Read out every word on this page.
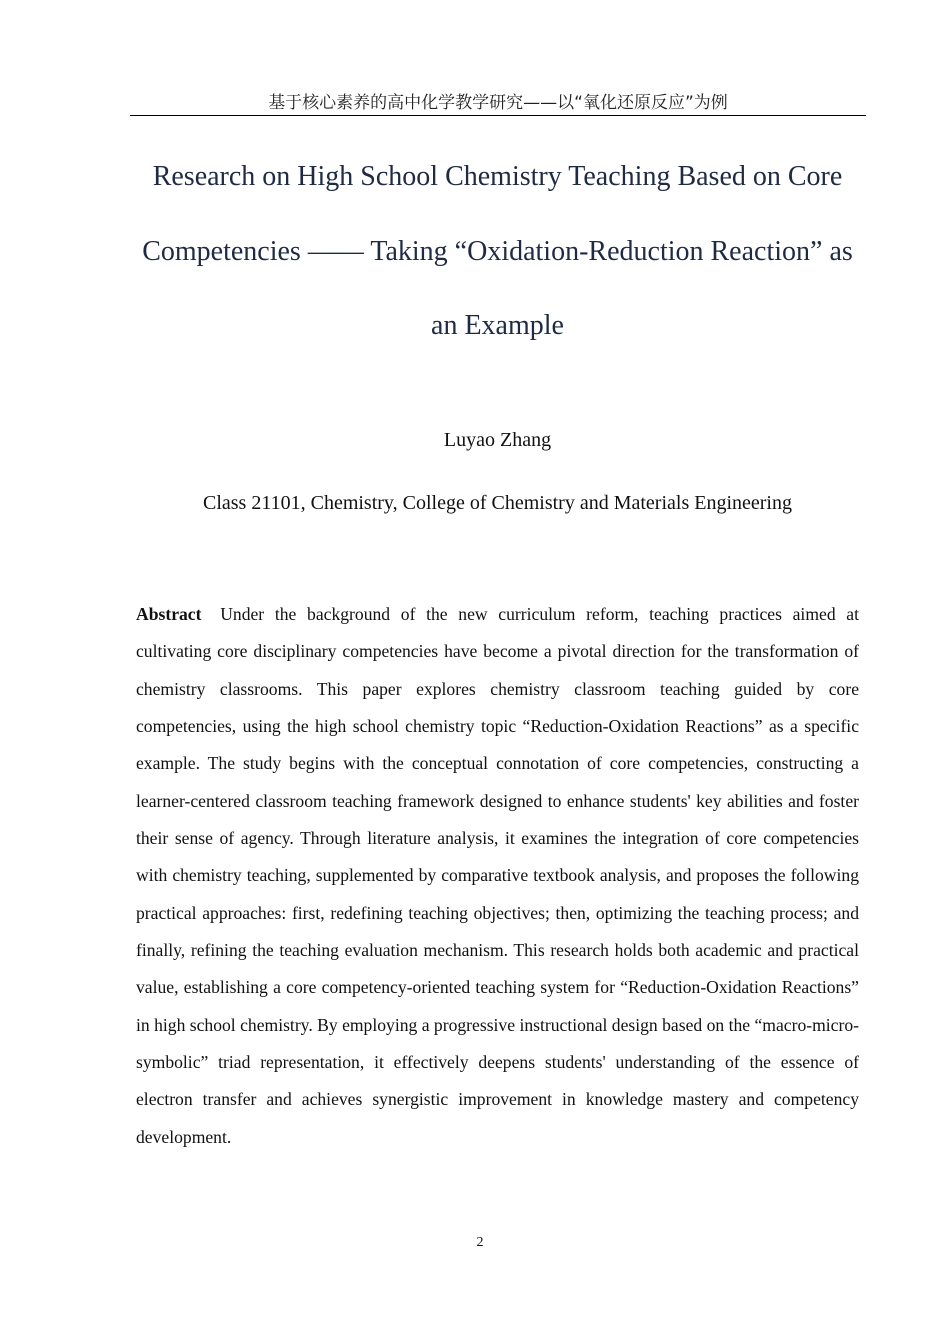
基于核心素养的高中化学教学研究——以“氧化还原反应”为例
Research on High School Chemistry Teaching Based on Core Competencies —— Taking “Oxidation-Reduction Reaction” as an Example
Luyao Zhang
Class 21101, Chemistry, College of Chemistry and Materials Engineering

Abstract Under the background of the new curriculum reform, teaching practices aimed at cultivating core disciplinary competencies have become a pivotal direction for the transformation of chemistry classrooms. This paper explores chemistry classroom teaching guided by core competencies, using the high school chemistry topic “Reduction-Oxidation Reactions” as a specific example. The study begins with the conceptual connotation of core competencies, constructing a learner-centered classroom teaching framework designed to enhance students' key abilities and foster their sense of agency. Through literature analysis, it examines the integration of core competencies with chemistry teaching, supplemented by comparative textbook analysis, and proposes the following practical approaches: first, redefining teaching objectives; then, optimizing the teaching process; and finally, refining the teaching evaluation mechanism. This research holds both academic and practical value, establishing a core competency-oriented teaching system for “Reduction-Oxidation Reactions” in high school chemistry. By employing a progressive instructional design based on the “macro-micro-symbolic” triad representation, it effectively deepens students' understanding of the essence of electron transfer and achieves synergistic improvement in knowledge mastery and competency development.

2
